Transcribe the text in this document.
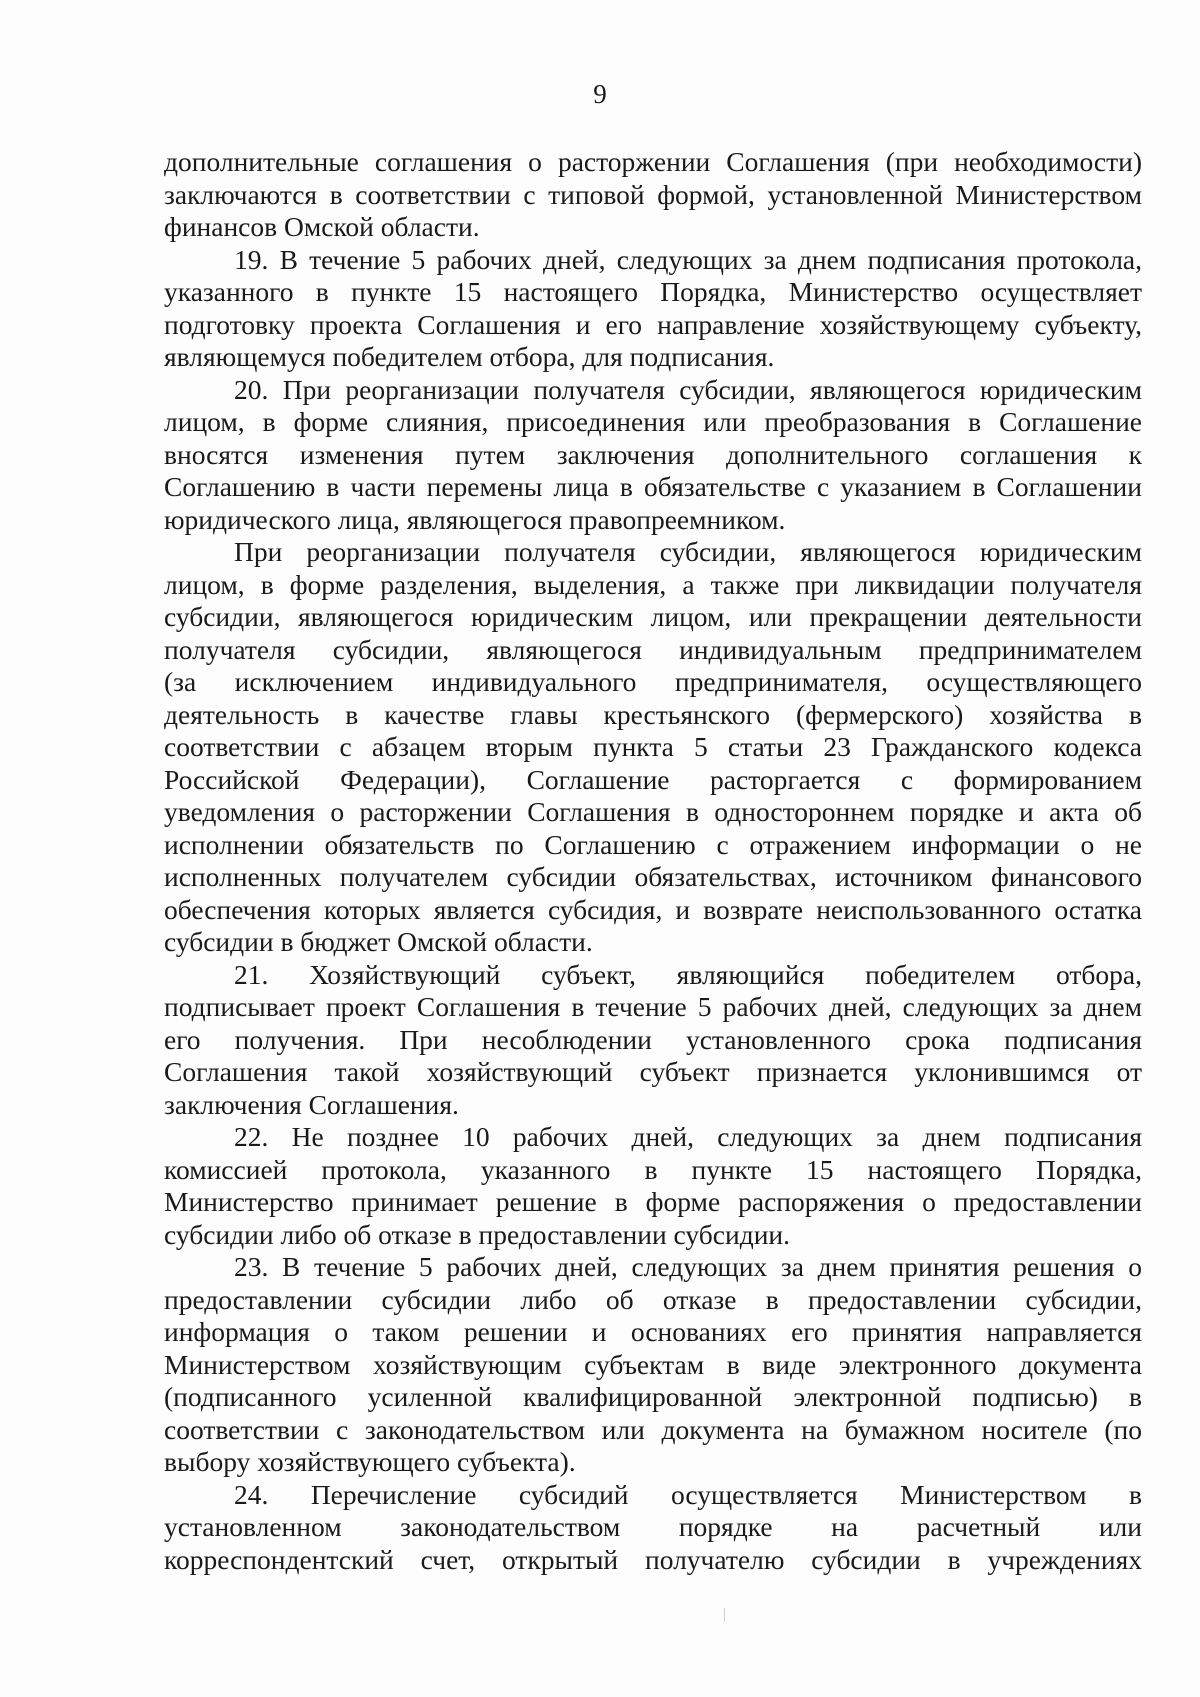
9
дополнительные соглашения о расторжении Соглашения (при необходимости)
заключаются в соответствии с типовой формой, установленной Министерством
финансов Омской области.
19. В течение 5 рабочих дней, следующих за днем подписания протокола,
указанного в пункте 15 настоящего Порядка, Министерство осуществляет
подготовку проекта Соглашения и его направление хозяйствующему субъекту,
являющемуся победителем отбора, для подписания.
20. При реорганизации получателя субсидии, являющегося юридическим
лицом, в форме слияния, присоединения или преобразования в Соглашение
вносятся изменения путем заключения дополнительного соглашения к
Соглашению в части перемены лица в обязательстве с указанием в Соглашении
юридического лица, являющегося правопреемником.
При реорганизации получателя субсидии, являющегося юридическим
лицом, в форме разделения, выделения, а также при ликвидации получателя
субсидии, являющегося юридическим лицом, или прекращении деятельности
получателя субсидии, являющегося индивидуальным предпринимателем
(за исключением индивидуального предпринимателя, осуществляющего
деятельность в качестве главы крестьянского (фермерского) хозяйства в
соответствии с абзацем вторым пункта 5 статьи 23 Гражданского кодекса
Российской Федерации), Соглашение расторгается с формированием
уведомления о расторжении Соглашения в одностороннем порядке и акта об
исполнении обязательств по Соглашению с отражением информации о не
исполненных получателем субсидии обязательствах, источником финансового
обеспечения которых является субсидия, и возврате неиспользованного остатка
субсидии в бюджет Омской области.
21. Хозяйствующий субъект, являющийся победителем отбора,
подписывает проект Соглашения в течение 5 рабочих дней, следующих за днем
его получения. При несоблюдении установленного срока подписания
Соглашения такой хозяйствующий субъект признается уклонившимся от
заключения Соглашения.
22. Не позднее 10 рабочих дней, следующих за днем подписания
комиссией протокола, указанного в пункте 15 настоящего Порядка,
Министерство принимает решение в форме распоряжения о предоставлении
субсидии либо об отказе в предоставлении субсидии.
23. В течение 5 рабочих дней, следующих за днем принятия решения о
предоставлении субсидии либо об отказе в предоставлении субсидии,
информация о таком решении и основаниях его принятия направляется
Министерством хозяйствующим субъектам в виде электронного документа
(подписанного усиленной квалифицированной электронной подписью) в
соответствии с законодательством или документа на бумажном носителе (по
выбору хозяйствующего субъекта).
24. Перечисление субсидий осуществляется Министерством в
установленном законодательством порядке на расчетный или
корреспондентский счет, открытый получателю субсидии в учреждениях
